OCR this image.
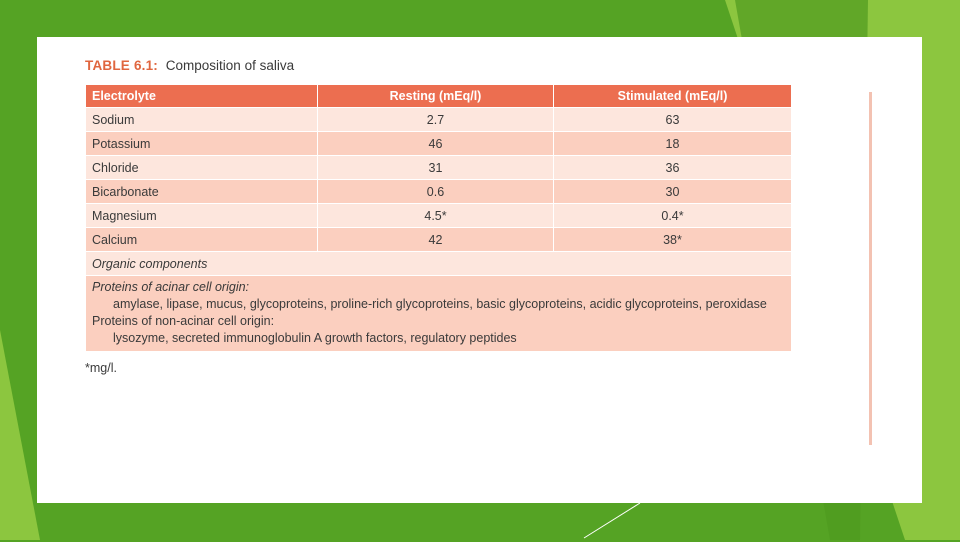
TABLE 6.1: Composition of saliva
Electrolyte	Resting (mEq/l)	Stimulated (mEq/l)
Sodium	2.7	63
Potassium	46	18
Chloride	31	36
Bicarbonate	0.6	30
Magnesium	4.5*	0.4*
Calcium	42	38*
Organic components		

Proteins of acinar cell origin:
amylase, lipase, mucus, glycoproteins, proline-rich glycoproteins, basic glycoproteins, acidic glycoproteins, peroxidase
Proteins of non-acinar cell origin:
lysozyme, secreted immunoglobulin A growth factors, regulatory peptides		
*mg/l.
